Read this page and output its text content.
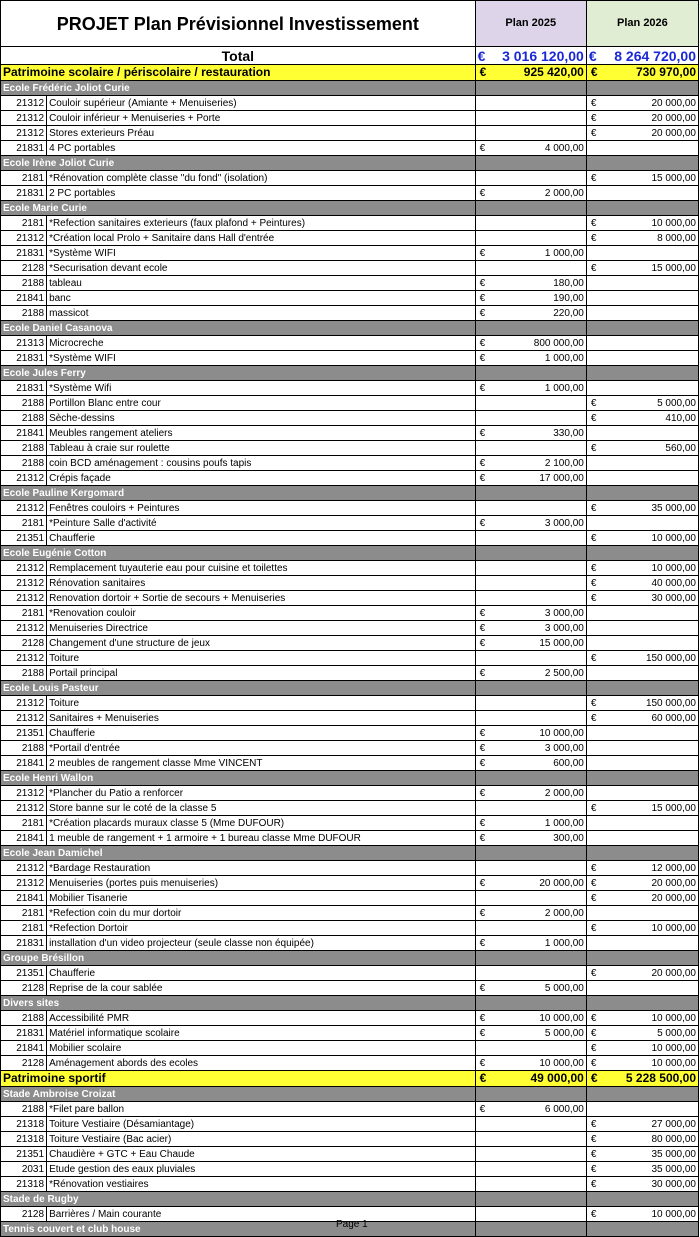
PROJET Plan Prévisionnel Investissement		Plan 2025	Plan 2026
Total		€ 3 016 120,00	€ 8 264 720,00

Patrimoine scolaire / périscolaire / restauration		€ 925 420,00	€ 730 970,00

Ecole Frédéric Joliot Curie			
21312	Couloir supérieur (Amiante + Menuiseries)		€ 20 000,00

21312	Couloir inférieur + Menuiseries + Porte		€ 20 000,00

21312	Stores exterieurs Préau		€ 20 000,00

21831	4 PC portables	€ 4 000,00	

Ecole Irène Joliot Curie			
2181	*Rénovation complète classe "du fond" (isolation)		€ 15 000,00

21831	2 PC portables	€ 2 000,00	

Ecole Marie Curie			
2181	*Refection sanitaires exterieurs (faux plafond + Peintures)		€ 10 000,00

21312	*Création local Prolo + Sanitaire dans Hall d'entrée		€ 8 000,00

21831	*Système WIFI	€ 1 000,00	

2128	*Securisation devant ecole		€ 15 000,00

2188	tableau	€ 180,00	

21841	banc	€ 190,00	

2188	massicot	€ 220,00	

Ecole Daniel Casanova			
21313	Microcreche	€ 800 000,00	

21831	*Système WIFI	€ 1 000,00	

Ecole Jules Ferry			
21831	*Système Wifi	€ 1 000,00	

2188	Portillon Blanc entre cour		€ 5 000,00

2188	Sèche-dessins		€ 410,00

21841	Meubles rangement ateliers	€ 330,00	

2188	Tableau à craie sur roulette		€ 560,00

2188	coin BCD aménagement : cousins poufs tapis	€ 2 100,00	

21312	Crépis façade	€ 17 000,00	

Ecole Pauline Kergomard			
21312	Fenêtres couloirs + Peintures		€ 35 000,00

2181	*Peinture Salle d'activité	€ 3 000,00	

21351	Chaufferie		€ 10 000,00

Ecole Eugénie Cotton			
21312	Remplacement tuyauterie eau pour cuisine et toilettes		€ 10 000,00

21312	Rénovation sanitaires		€ 40 000,00

21312	Renovation dortoir + Sortie de secours + Menuiseries		€ 30 000,00

2181	*Renovation couloir	€ 3 000,00	

21312	Menuiseries Directrice	€ 3 000,00	

2128	Changement d'une structure de jeux	€ 15 000,00	

21312	Toiture		€ 150 000,00

2188	Portail principal	€ 2 500,00	

Ecole Louis Pasteur			
21312	Toiture		€ 150 000,00

21312	Sanitaires + Menuiseries		€ 60 000,00

21351	Chaufferie	€ 10 000,00	

2188	*Portail d'entrée	€ 3 000,00	

21841	2 meubles de rangement classe Mme VINCENT	€ 600,00	

Ecole Henri Wallon			
21312	*Plancher du Patio a renforcer	€ 2 000,00	

21312	Store banne sur le coté de la classe 5		€ 15 000,00

2181	*Création placards muraux classe 5 (Mme DUFOUR)	€ 1 000,00	

21841	1 meuble de rangement + 1 armoire + 1 bureau classe Mme DUFOUR	€ 300,00	

Ecole Jean Damichel			
21312	*Bardage Restauration		€ 12 000,00

21312	Menuiseries (portes puis menuiseries)	€ 20 000,00	€ 20 000,00

21841	Mobilier Tisanerie		€ 20 000,00

2181	*Refection coin du mur dortoir	€ 2 000,00	

2181	*Refection Dortoir		€ 10 000,00

21831	installation d'un video projecteur (seule classe non équipée)	€ 1 000,00	

Groupe Brésillon			
21351	Chaufferie		€ 20 000,00

2128	Reprise de la cour sablée	€ 5 000,00	

Divers sites			
2188	Accessibilité PMR	€ 10 000,00	€ 10 000,00

21831	Matériel informatique scolaire	€ 5 000,00	€ 5 000,00

21841	Mobilier scolaire		€ 10 000,00

2128	Aménagement abords des ecoles	€ 10 000,00	€ 10 000,00

Patrimoine sportif		€ 49 000,00	€ 5 228 500,00

Stade Ambroise Croizat			
2188	*Filet pare ballon	€ 6 000,00	

21318	Toiture Vestiaire (Désamiantage)		€ 27 000,00

21318	Toiture Vestiaire (Bac acier)		€ 80 000,00

21351	Chaudière + GTC + Eau Chaude		€ 35 000,00

2031	Etude gestion des eaux pluviales		€ 35 000,00

21318	*Rénovation vestiaires		€ 30 000,00

Stade de Rugby			
2128	Barrières / Main courante		€ 10 000,00

Tennis couvert et club house				Page 1
